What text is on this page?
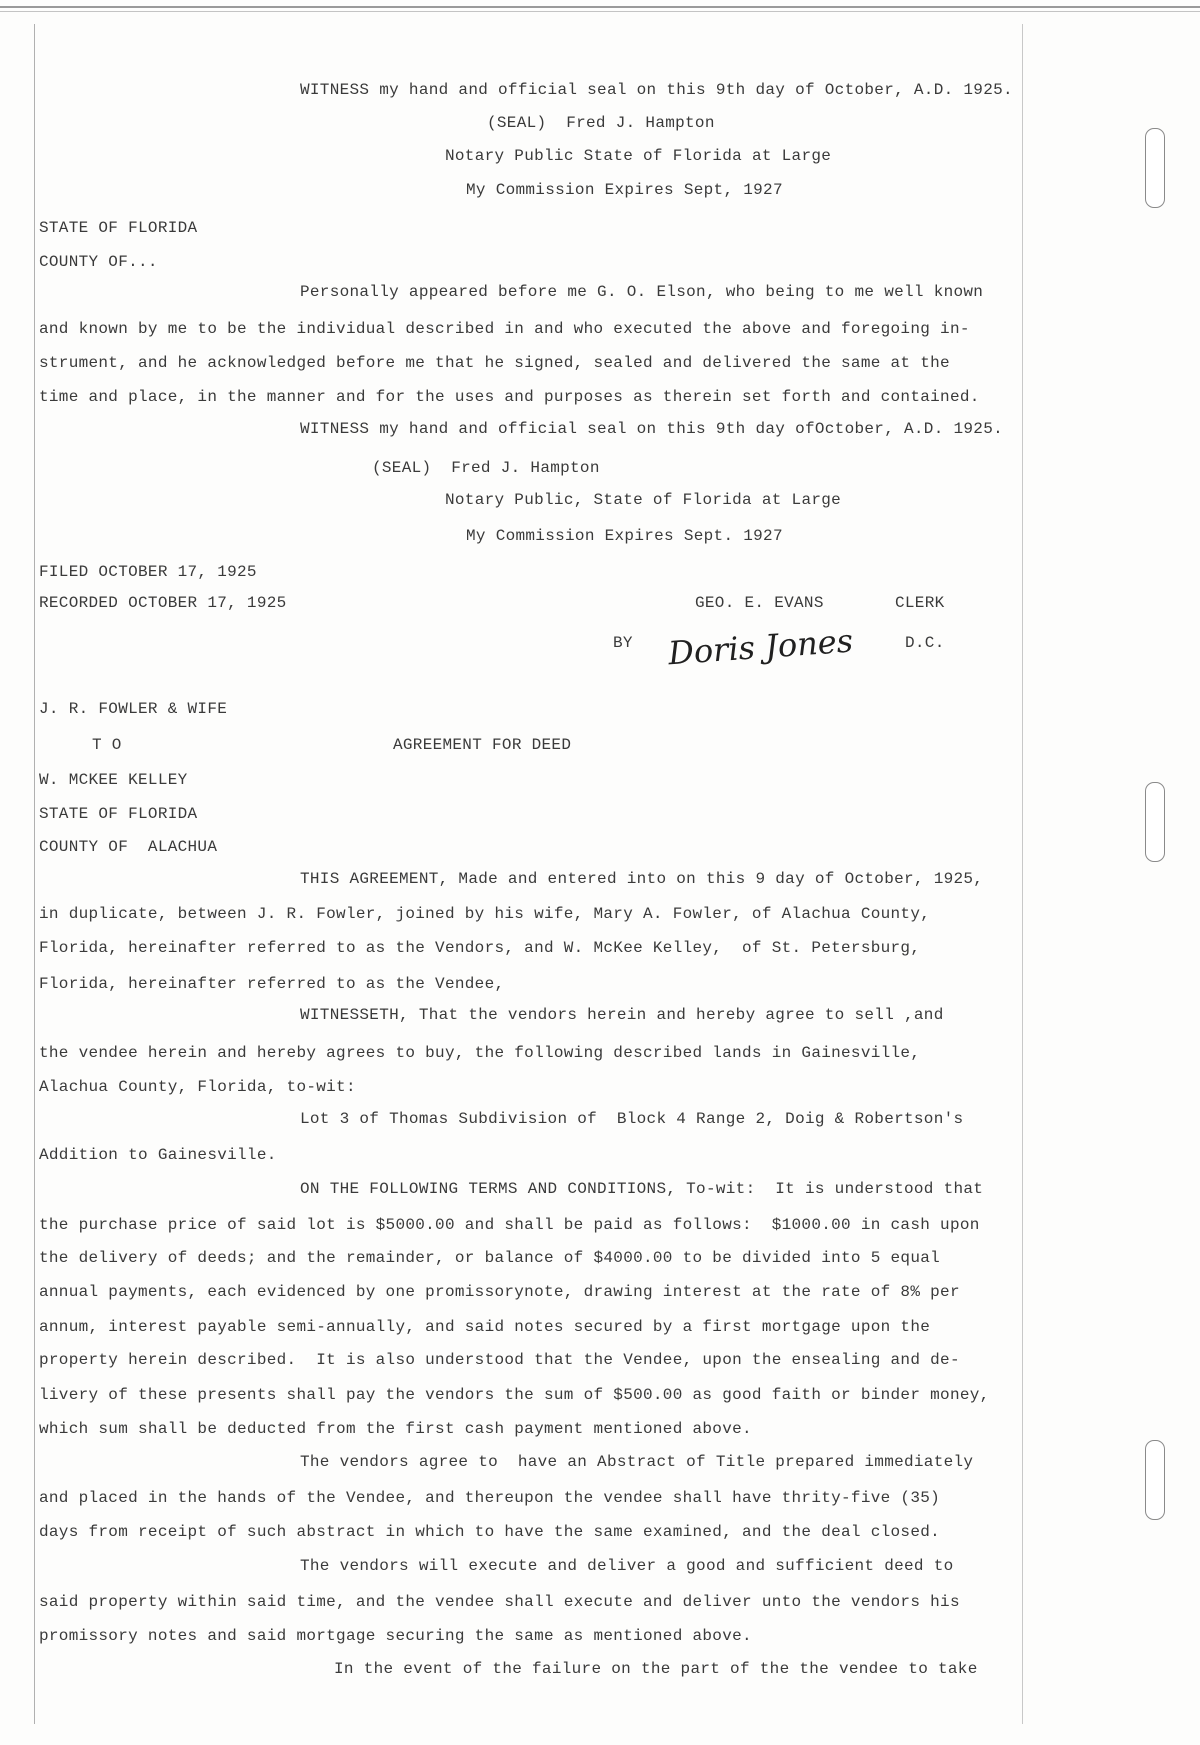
Doris Jones
WITNESS my hand and official seal on this 9th day of October, A.D. 1925.
(SEAL)  Fred J. Hampton
Notary Public State of Florida at Large
My Commission Expires Sept, 1927
STATE OF FLORIDA
COUNTY OF...
Personally appeared before me G. O. Elson, who being to me well known
and known by me to be the individual described in and who executed the above and foregoing in-
strument, and he acknowledged before me that he signed, sealed and delivered the same at the
time and place, in the manner and for the uses and purposes as therein set forth and contained.
WITNESS my hand and official seal on this 9th day ofOctober, A.D. 1925.
(SEAL)  Fred J. Hampton
Notary Public, State of Florida at Large
My Commission Expires Sept. 1927
FILED OCTOBER 17, 1925
RECORDED OCTOBER 17, 1925	GEO. E. EVANS	CLERK
BY	D.C.
J. R. FOWLER & WIFE
T O	AGREEMENT FOR DEED
W. MCKEE KELLEY
STATE OF FLORIDA
COUNTY OF  ALACHUA
THIS AGREEMENT, Made and entered into on this 9 day of October, 1925,
in duplicate, between J. R. Fowler, joined by his wife, Mary A. Fowler, of Alachua County,
Florida, hereinafter referred to as the Vendors, and W. McKee Kelley,  of St. Petersburg,
Florida, hereinafter referred to as the Vendee,
WITNESSETH, That the vendors herein and hereby agree to sell ,and
the vendee herein and hereby agrees to buy, the following described lands in Gainesville,
Alachua County, Florida, to-wit:
Lot 3 of Thomas Subdivision of  Block 4 Range 2, Doig & Robertson's
Addition to Gainesville.
ON THE FOLLOWING TERMS AND CONDITIONS, To-wit:  It is understood that
the purchase price of said lot is $5000.00 and shall be paid as follows:  $1000.00 in cash upon
the delivery of deeds; and the remainder, or balance of $4000.00 to be divided into 5 equal
annual payments, each evidenced by one promissorynote, drawing interest at the rate of 8% per
annum, interest payable semi-annually, and said notes secured by a first mortgage upon the
property herein described.  It is also understood that the Vendee, upon the ensealing and de-
livery of these presents shall pay the vendors the sum of $500.00 as good faith or binder money,
which sum shall be deducted from the first cash payment mentioned above.
The vendors agree to  have an Abstract of Title prepared immediately
and placed in the hands of the Vendee, and thereupon the vendee shall have thrity-five (35)
days from receipt of such abstract in which to have the same examined, and the deal closed.
The vendors will execute and deliver a good and sufficient deed to
said property within said time, and the vendee shall execute and deliver unto the vendors his
promissory notes and said mortgage securing the same as mentioned above.
In the event of the failure on the part of the the vendee to take
